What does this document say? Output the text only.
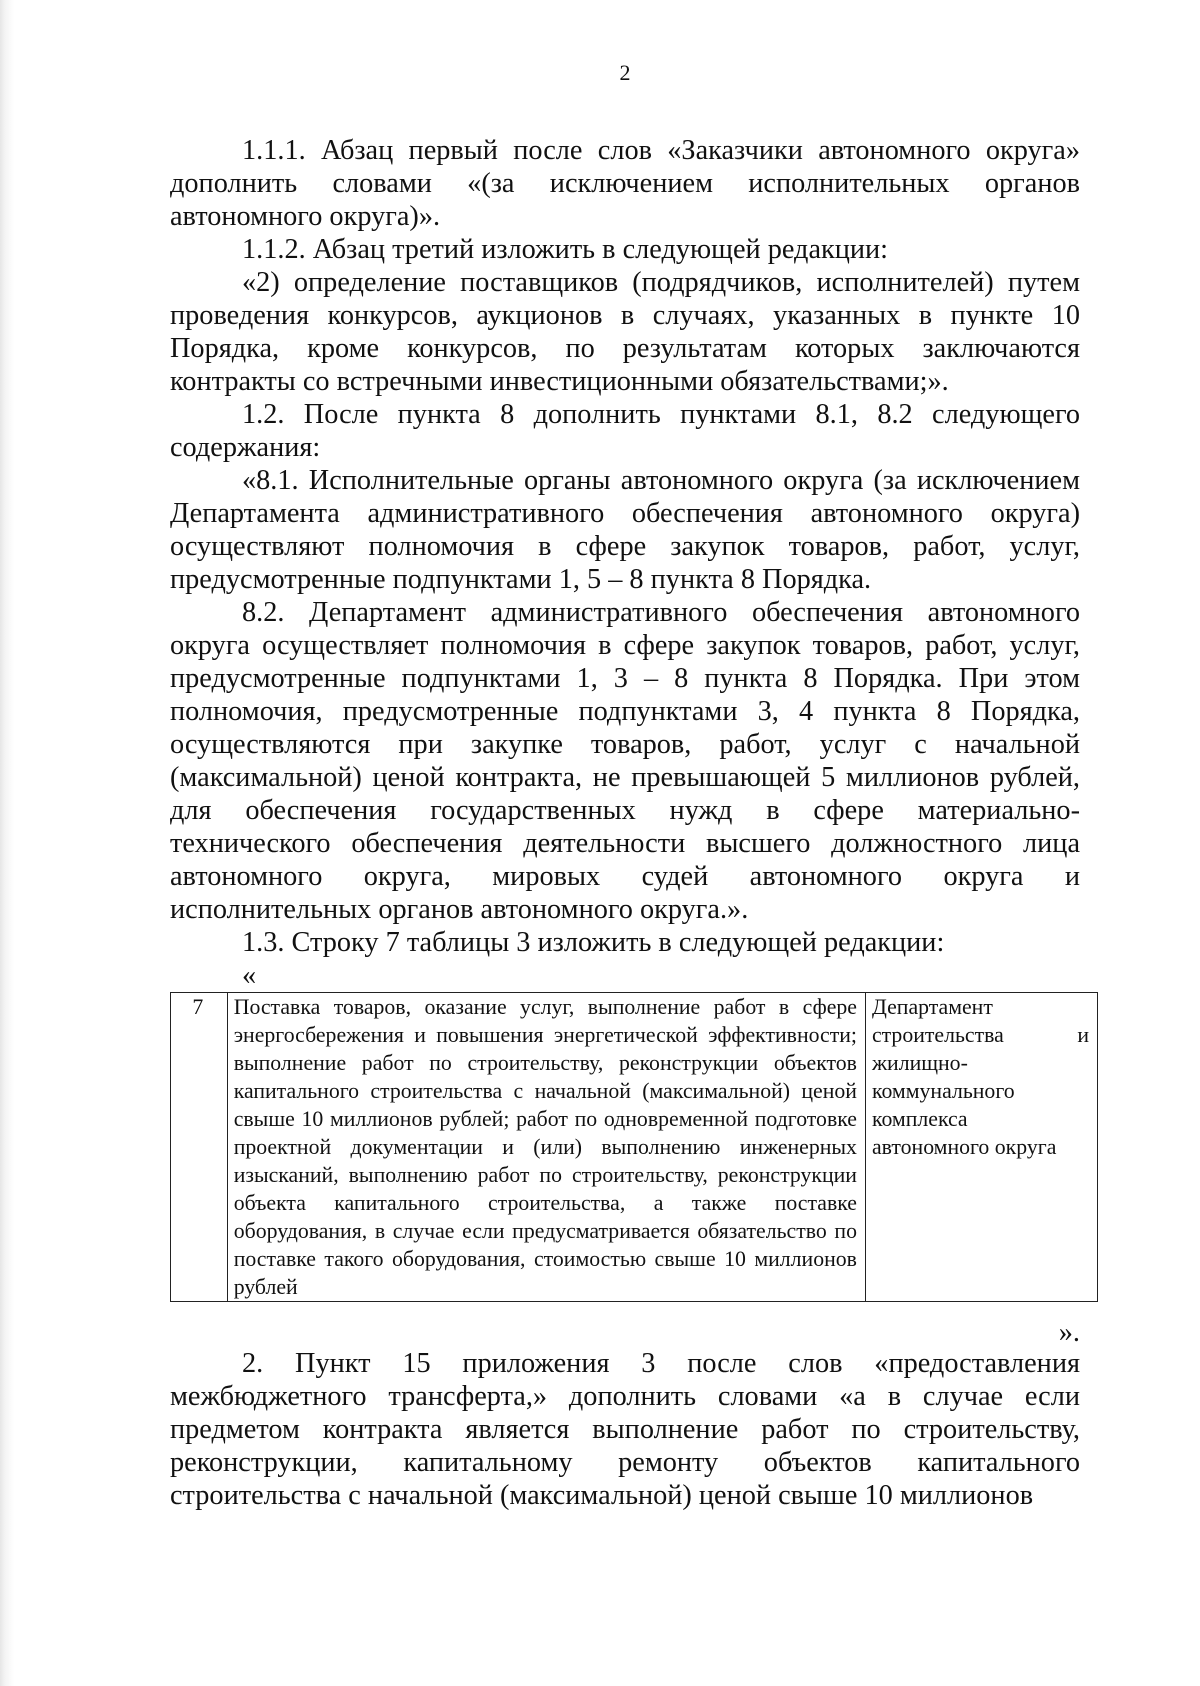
2

1.1.1. Абзац первый после слов «Заказчики автономного округа» дополнить словами «(за исключением исполнительных органов автономного округа)».

1.1.2. Абзац третий изложить в следующей редакции:

«2) определение поставщиков (подрядчиков, исполнителей) путем проведения конкурсов, аукционов в случаях, указанных в пункте 10 Порядка, кроме конкурсов, по результатам которых заключаются контракты со встречными инвестиционными обязательствами;».

1.2. После пункта 8 дополнить пунктами 8.1, 8.2 следующего содержания:

«8.1. Исполнительные органы автономного округа (за исключением Департамента административного обеспечения автономного округа) осуществляют полномочия в сфере закупок товаров, работ, услуг, предусмотренные подпунктами 1, 5 – 8 пункта 8 Порядка.

8.2. Департамент административного обеспечения автономного округа осуществляет полномочия в сфере закупок товаров, работ, услуг, предусмотренные подпунктами 1, 3 – 8 пункта 8 Порядка. При этом полномочия, предусмотренные подпунктами 3, 4 пункта 8 Порядка, осуществляются при закупке товаров, работ, услуг с начальной (максимальной) ценой контракта, не превышающей 5 миллионов рублей, для обеспечения государственных нужд в сфере материально-технического обеспечения деятельности высшего должностного лица автономного округа, мировых судей автономного округа и исполнительных органов автономного округа.».

1.3. Строку 7 таблицы 3 изложить в следующей редакции:

«

7	Поставка товаров, оказание услуг, выполнение работ в сфере энергосбережения и повышения энергетической эффективности; выполнение работ по строительству, реконструкции объектов капитального строительства с начальной (максимальной) ценой свыше 10 миллионов рублей; работ по одновременной подготовке проектной документации и (или) выполнению инженерных изысканий, выполнению работ по строительству, реконструкции объекта капитального строительства, а также поставке оборудования, в случае если предусматривается обязательство по поставке такого оборудования, стоимостью свыше 10 миллионов рублей	Департамент строительства и жилищно-коммунального комплекса автономного округа

».

2. Пункт 15 приложения 3 после слов «предоставления межбюджетного трансферта,» дополнить словами «а в случае если предметом контракта является выполнение работ по строительству, реконструкции, капитальному ремонту объектов капитального строительства с начальной (максимальной) ценой свыше 10 миллионов
